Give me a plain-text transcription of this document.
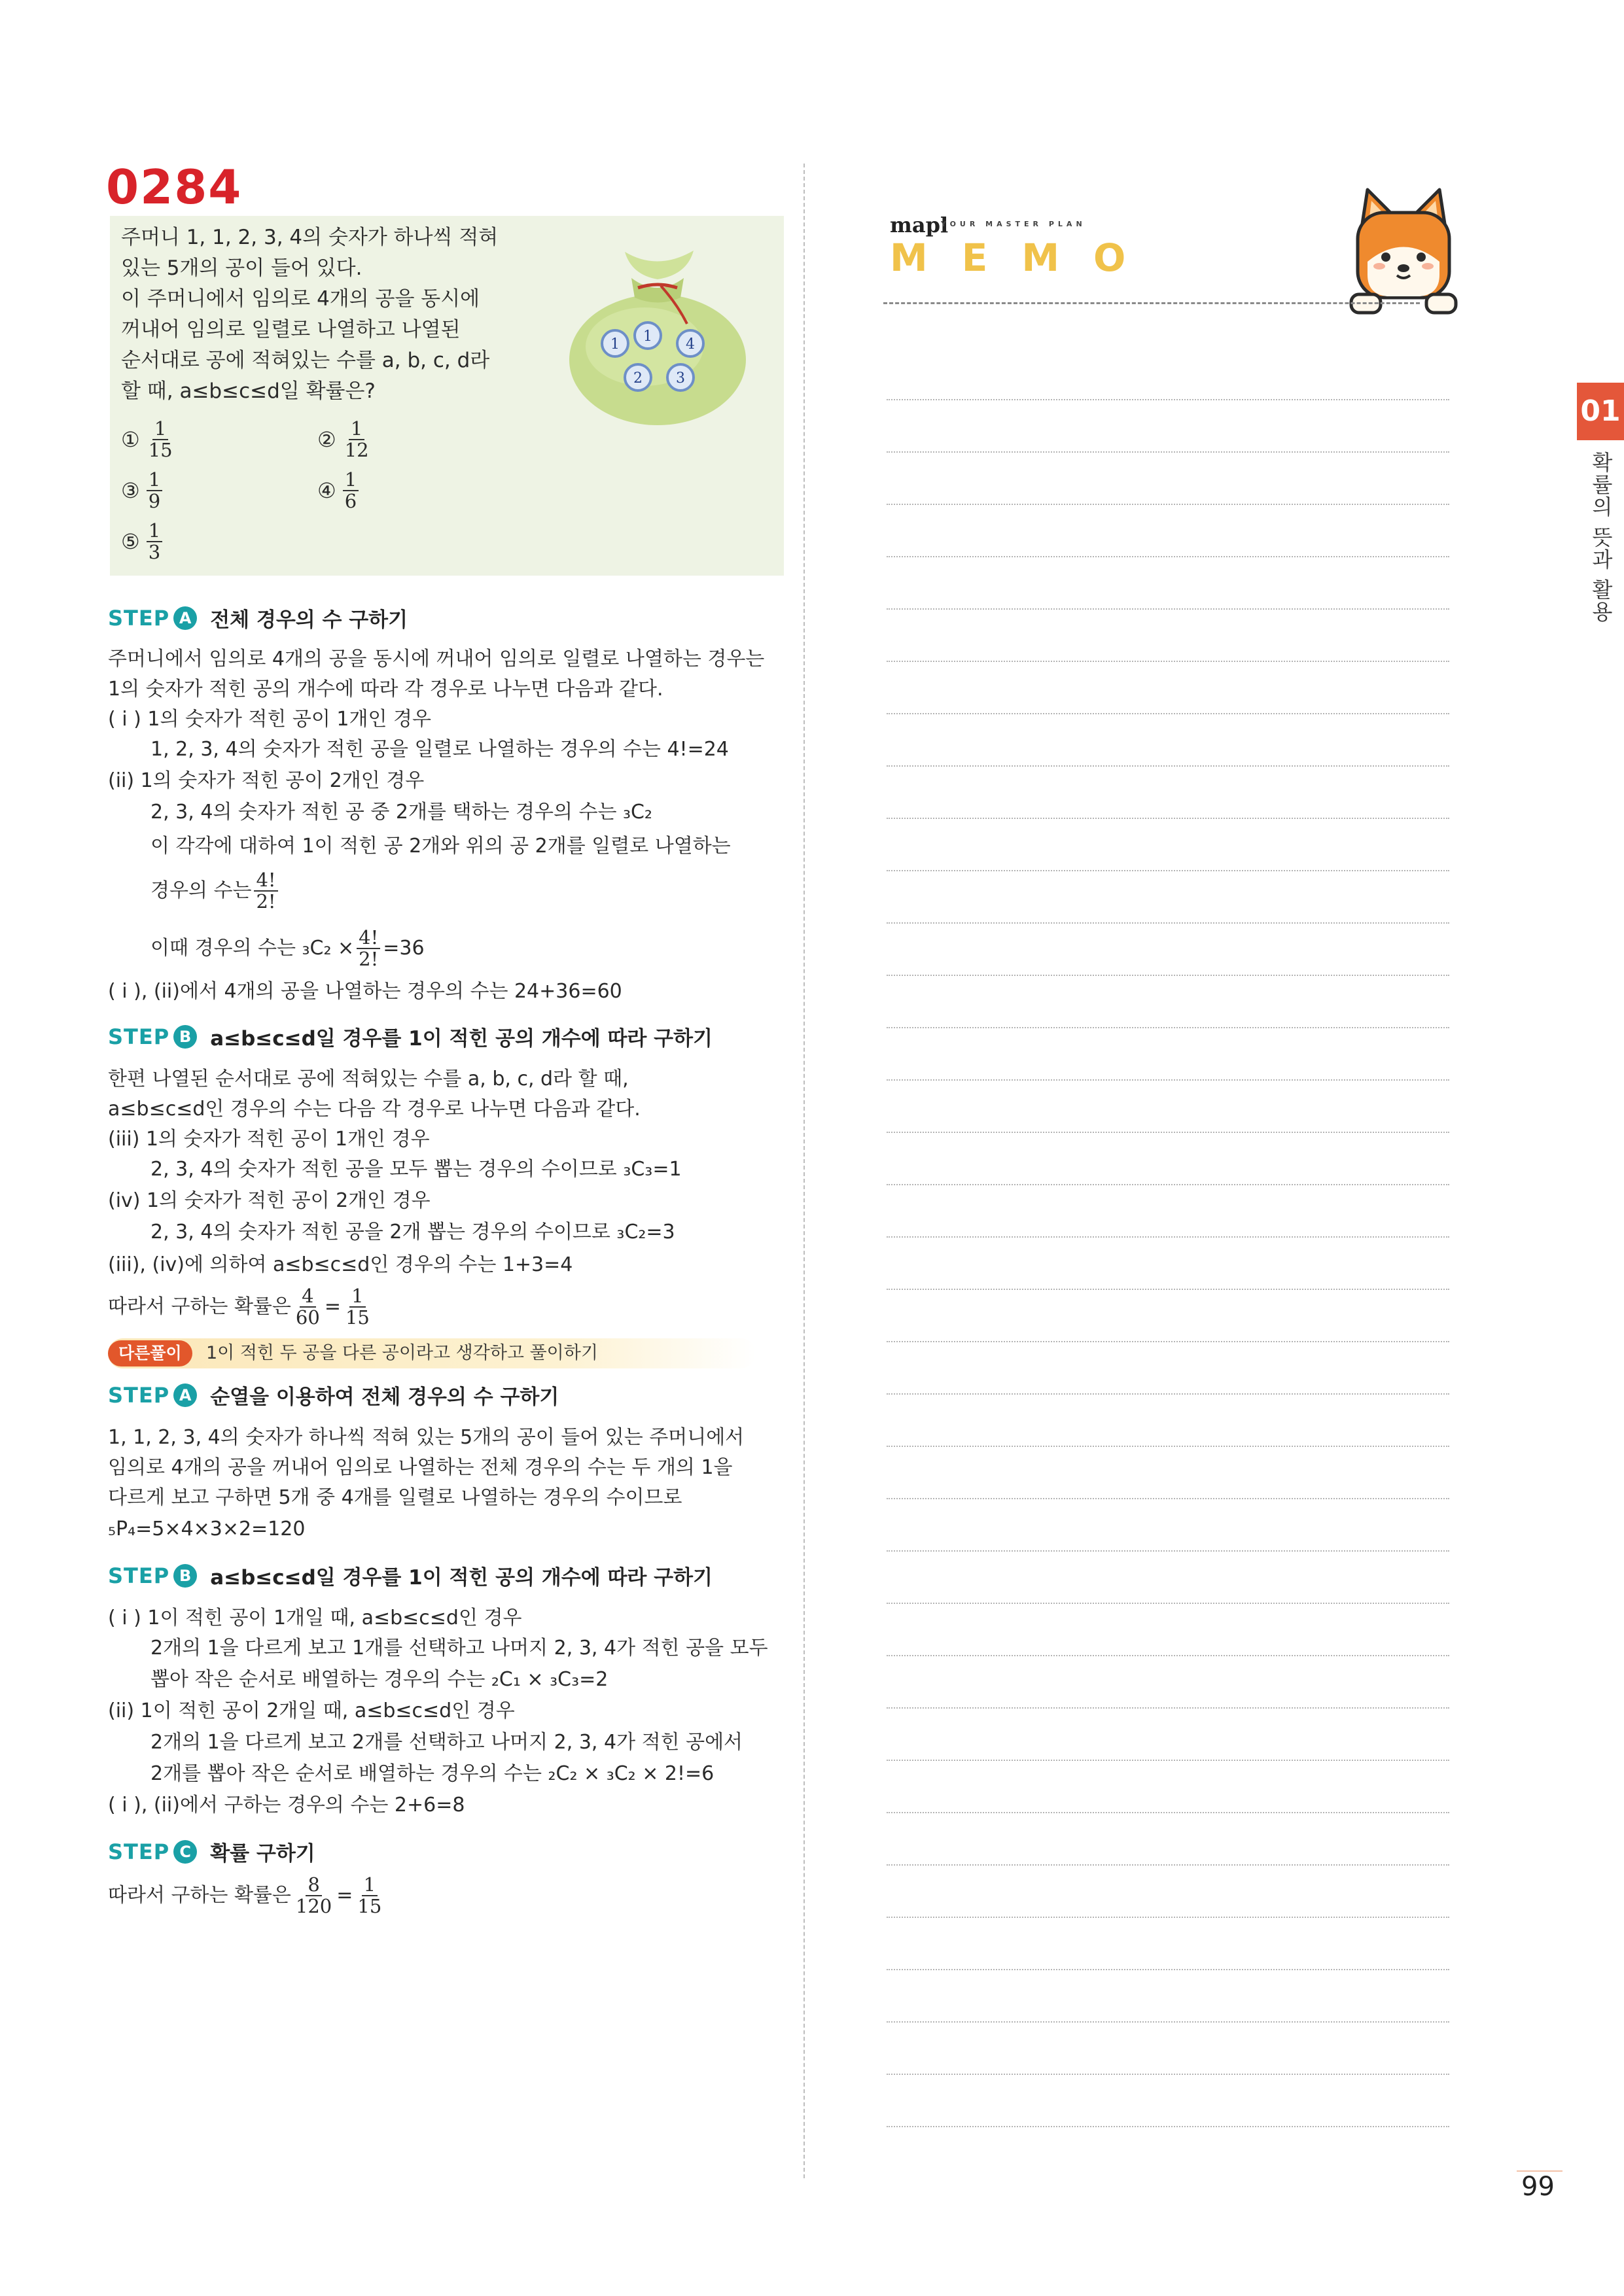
0284
주머니 1, 1, 2, 3, 4의 숫자가 하나씩 적혀
있는 5개의 공이 들어 있다.
이 주머니에서 임의로 4개의 공을 동시에
꺼내어 임의로 일렬로 나열하고 나열된
순서대로 공에 적혀있는 수를 a, b, c, d라
할 때, a≤b≤c≤d일 확률은?
① $\frac{1}{15}$	② $\frac{1}{12}$
③ $\frac{1}{9}$	④ $\frac{1}{6}$
⑤ $\frac{1}{3}$
1 1 4
2 3
STEP A 전체 경우의 수 구하기
주머니에서 임의로 4개의 공을 동시에 꺼내어 임의로 일렬로 나열하는 경우는
1의 숫자가 적힌 공의 개수에 따라 각 경우로 나누면 다음과 같다.
( i ) 1의 숫자가 적힌 공이 1개인 경우
1, 2, 3, 4의 숫자가 적힌 공을 일렬로 나열하는 경우의 수는 4!=24
(ii) 1의 숫자가 적힌 공이 2개인 경우
2, 3, 4의 숫자가 적힌 공 중 2개를 택하는 경우의 수는 ₃C₂
이 각각에 대하여 1이 적힌 공 2개와 위의 공 2개를 일렬로 나열하는
경우의 수는 $\frac{4!}{2!}$
이때 경우의 수는 $_3C_2 \times \frac{4!}{2!} =36$
( i ), (ii)에서 4개의 공을 나열하는 경우의 수는 24+36=60
STEP B a≤b≤c≤d일 경우를 1이 적힌 공의 개수에 따라 구하기
한편 나열된 순서대로 공에 적혀있는 수를 a, b, c, d라 할 때,
a≤b≤c≤d인 경우의 수는 다음 각 경우로 나누면 다음과 같다.
(iii) 1의 숫자가 적힌 공이 1개인 경우
2, 3, 4의 숫자가 적힌 공을 모두 뽑는 경우의 수이므로 ₃C₃=1
(iv) 1의 숫자가 적힌 공이 2개인 경우
2, 3, 4의 숫자가 적힌 공을 2개 뽑는 경우의 수이므로 ₃C₂=3
(iii), (iv)에 의하여 a≤b≤c≤d인 경우의 수는 1+3=4
따라서 구하는 확률은 $\frac{4}{60} = \frac{1}{15}$
다른풀이	1이 적힌 두 공을 다른 공이라고 생각하고 풀이하기
STEP A 순열을 이용하여 전체 경우의 수 구하기
1, 1, 2, 3, 4의 숫자가 하나씩 적혀 있는 5개의 공이 들어 있는 주머니에서
임의로 4개의 공을 꺼내어 임의로 나열하는 전체 경우의 수는 두 개의 1을
다르게 보고 구하면 5개 중 4개를 일렬로 나열하는 경우의 수이므로
₅P₄=5×4×3×2=120
STEP B a≤b≤c≤d일 경우를 1이 적힌 공의 개수에 따라 구하기
( i ) 1이 적힌 공이 1개일 때, a≤b≤c≤d인 경우
2개의 1을 다르게 보고 1개를 선택하고 나머지 2, 3, 4가 적힌 공을 모두
뽑아 작은 순서로 배열하는 경우의 수는 ₂C₁ × ₃C₃=2
(ii) 1이 적힌 공이 2개일 때, a≤b≤c≤d인 경우
2개의 1을 다르게 보고 2개를 선택하고 나머지 2, 3, 4가 적힌 공에서
2개를 뽑아 작은 순서로 배열하는 경우의 수는 ₂C₂ × ₃C₂ × 2!=6
( i ), (ii)에서 구하는 경우의 수는 2+6=8
STEP C 확률 구하기
따라서 구하는 확률은 $\frac{8}{120} = \frac{1}{15}$
mapl
YOUR MASTER PLAN
MEMO
01
확률의 뜻과 활용
99
